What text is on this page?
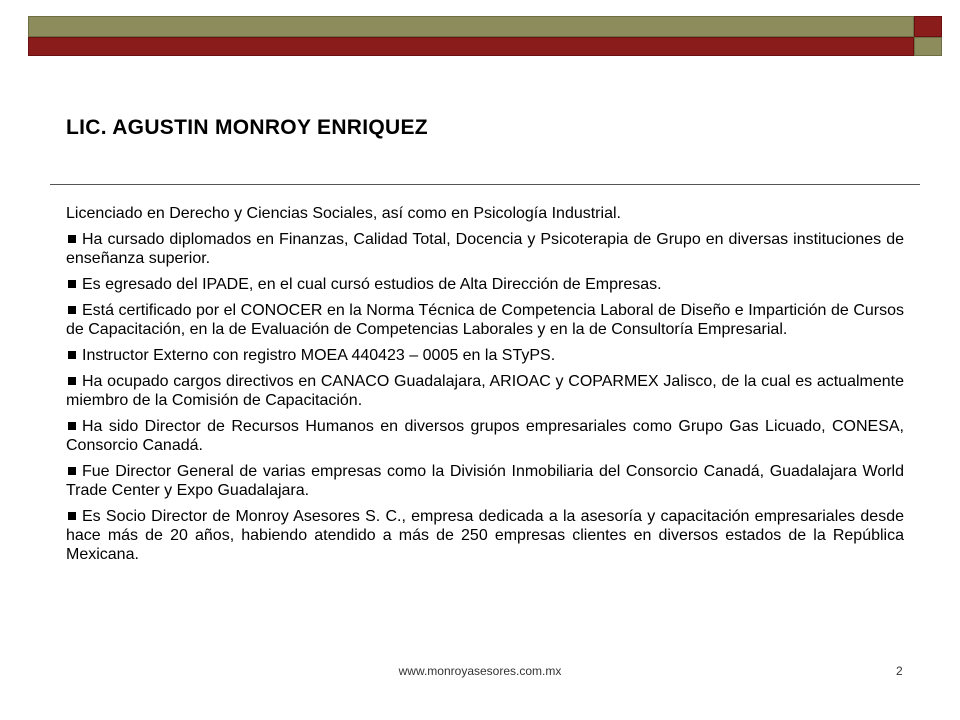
LIC. AGUSTIN MONROY ENRIQUEZ

Licenciado en Derecho y Ciencias Sociales, así como en Psicología Industrial.

Ha cursado diplomados en Finanzas, Calidad Total, Docencia y Psicoterapia de Grupo en diversas instituciones de enseñanza superior.
Es egresado del IPADE, en el cual cursó estudios de Alta Dirección de Empresas.
Está certificado por el CONOCER en la Norma Técnica de Competencia Laboral de Diseño e Impartición de Cursos de Capacitación, en la de Evaluación de Competencias Laborales y en la de Consultoría Empresarial.
Instructor Externo con registro MOEA 440423 – 0005 en la STyPS.
Ha ocupado cargos directivos en CANACO Guadalajara, ARIOAC y COPARMEX Jalisco, de la cual es actualmente miembro de la Comisión de Capacitación.
Ha sido Director de Recursos Humanos en diversos grupos empresariales como Grupo Gas Licuado, CONESA, Consorcio Canadá.
Fue Director General de varias empresas como la División Inmobiliaria del Consorcio Canadá, Guadalajara World Trade Center y Expo Guadalajara.
Es Socio Director de Monroy Asesores S. C., empresa dedicada a la asesoría y capacitación empresariales desde hace más de 20 años, habiendo atendido a más de 250 empresas clientes en diversos estados de la República Mexicana.
www.monroyasesores.com.mx	2
